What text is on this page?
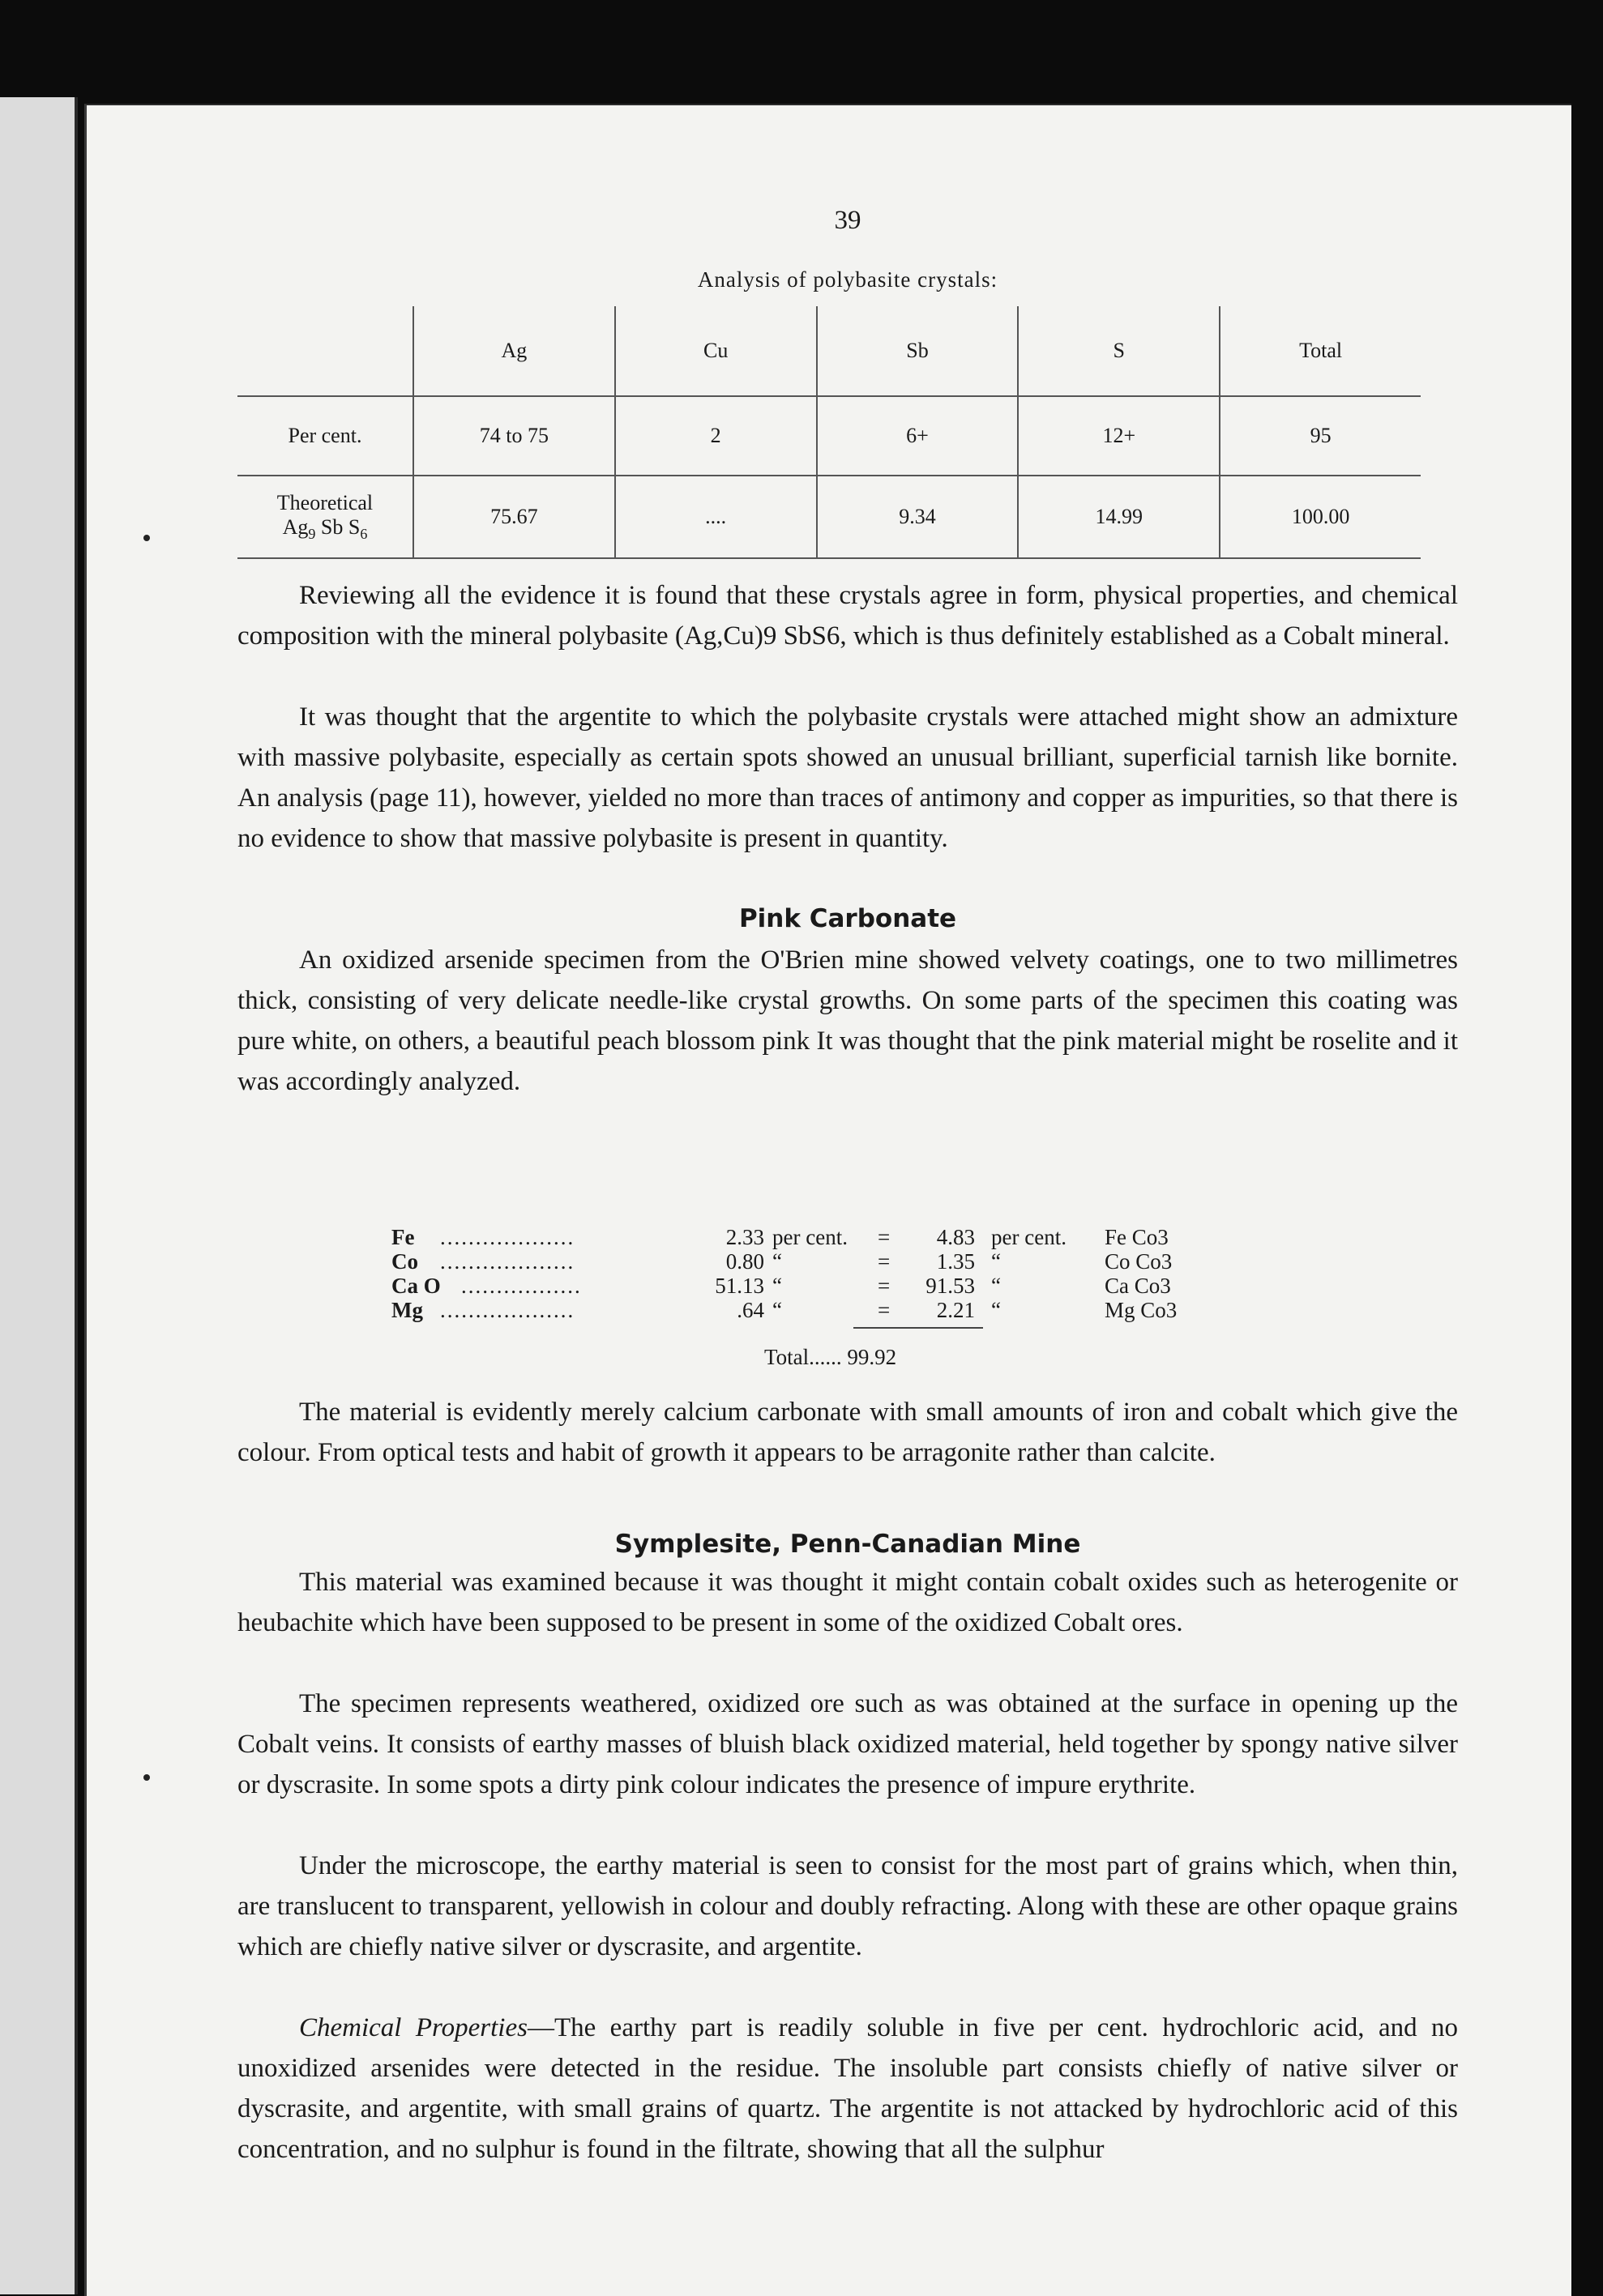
39
Analysis of polybasite crystals:
	Ag	Cu	Sb	S	Total
Per cent.	74 to 75	2	6+	12+	95
Theoretical
$Ag_9$ Sb $S_6$	75.67	....	9.34	14.99	100.00

Reviewing all the evidence it is found that these crystals agree in form, physical properties, and chemical composition with the mineral polybasite (Ag,Cu)9 SbS6, which is thus definitely established as a Cobalt mineral.

It was thought that the argentite to which the polybasite crystals were attached might show an admixture with massive polybasite, especially as certain spots showed an unusual brilliant, superficial tarnish like bornite. An analysis (page 11), however, yielded no more than traces of antimony and copper as impurities, so that there is no evidence to show that massive polybasite is present in quantity.

Pink Carbonate

An oxidized arsenide specimen from the O'Brien mine showed velvety coatings, one to two millimetres thick, consisting of very delicate needle-like crystal growths. On some parts of the specimen this coating was pure white, on others, a beautiful peach blossom pink It was thought that the pink material might be roselite and it was accordingly analyzed.

Fe ...................	2.33 per cent. =	4.83 per cent. Fe Co3
Co ...................	0.80 “	=	1.35 “	Co Co3
Ca O .................	51.13 “	=	91.53 “	Ca Co3
Mg ...................	.64 “	=	2.21 “	Mg Co3
Total...... 99.92

The material is evidently merely calcium carbonate with small amounts of iron and cobalt which give the colour. From optical tests and habit of growth it appears to be arragonite rather than calcite.

Symplesite, Penn-Canadian Mine

This material was examined because it was thought it might contain cobalt oxides such as heterogenite or heubachite which have been supposed to be present in some of the oxidized Cobalt ores.

The specimen represents weathered, oxidized ore such as was obtained at the surface in opening up the Cobalt veins. It consists of earthy masses of bluish black oxidized material, held together by spongy native silver or dyscrasite. In some spots a dirty pink colour indicates the presence of impure erythrite.

Under the microscope, the earthy material is seen to consist for the most part of grains which, when thin, are translucent to transparent, yellowish in colour and doubly refracting. Along with these are other opaque grains which are chiefly native silver or dyscrasite, and argentite.

Chemical Properties—The earthy part is readily soluble in five per cent. hydrochloric acid, and no unoxidized arsenides were detected in the residue. The insoluble part consists chiefly of native silver or dyscrasite, and argentite, with small grains of quartz. The argentite is not attacked by hydrochloric acid of this concentration, and no sulphur is found in the filtrate, showing that all the sulphur
